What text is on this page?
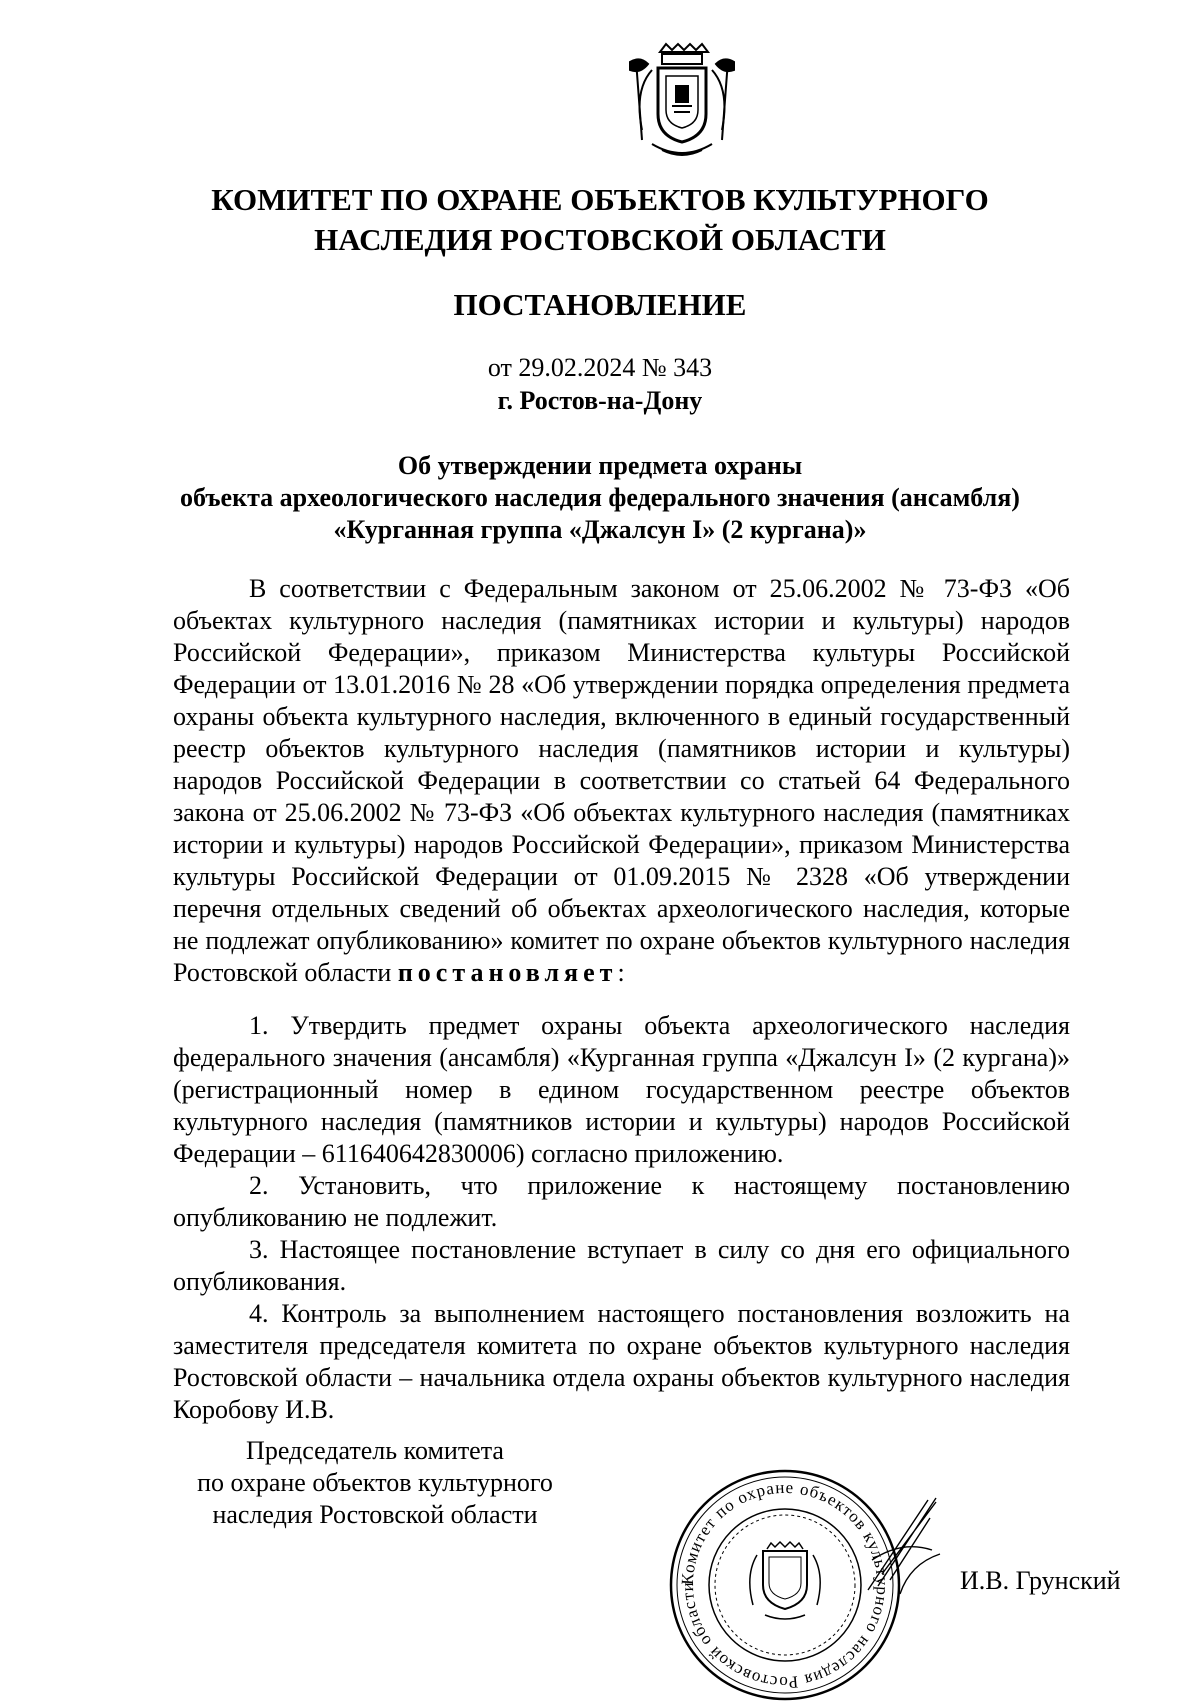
КОМИТЕТ ПО ОХРАНЕ ОБЪЕКТОВ КУЛЬТУРНОГО
НАСЛЕДИЯ РОСТОВСКОЙ ОБЛАСТИ
ПОСТАНОВЛЕНИЕ
от 29.02.2024 № 343
г. Ростов-на-Дону
Об утверждении предмета охраны
объекта археологического наследия федерального значения (ансамбля)
«Курганная группа «Джалсун I» (2 кургана)»
В соответствии с Федеральным законом от 25.06.2002 № 73-ФЗ «Об объектах культурного наследия (памятниках истории и культуры) народов Российской Федерации», приказом Министерства культуры Российской Федерации от 13.01.2016 № 28 «Об утверждении порядка определения предмета охраны объекта культурного наследия, включенного в единый государственный реестр объектов культурного наследия (памятников истории и культуры) народов Российской Федерации в соответствии со статьей 64 Федерального закона от 25.06.2002 № 73-ФЗ «Об объектах культурного наследия (памятниках истории и культуры) народов Российской Федерации», приказом Министерства культуры Российской Федерации от 01.09.2015 № 2328 «Об утверждении перечня отдельных сведений об объектах археологического наследия, которые не подлежат опубликованию» комитет по охране объектов культурного наследия Ростовской области постановляет:

1. Утвердить предмет охраны объекта археологического наследия федерального значения (ансамбля) «Курганная группа «Джалсун I» (2 кургана)» (регистрационный номер в едином государственном реестре объектов культурного наследия (памятников истории и культуры) народов Российской Федерации – 611640642830006) согласно приложению.

2. Установить, что приложение к настоящему постановлению опубликованию не подлежит.

3. Настоящее постановление вступает в силу со дня его официального опубликования.

4. Контроль за выполнением настоящего постановления возложить на заместителя председателя комитета по охране объектов культурного наследия Ростовской области – начальника отдела охраны объектов культурного наследия Коробову И.В.

Председатель комитета
по охране объектов культурного
наследия Ростовской области
Комитет по охране объектов культурного наследия Ростовской области	И.В. Грунский
